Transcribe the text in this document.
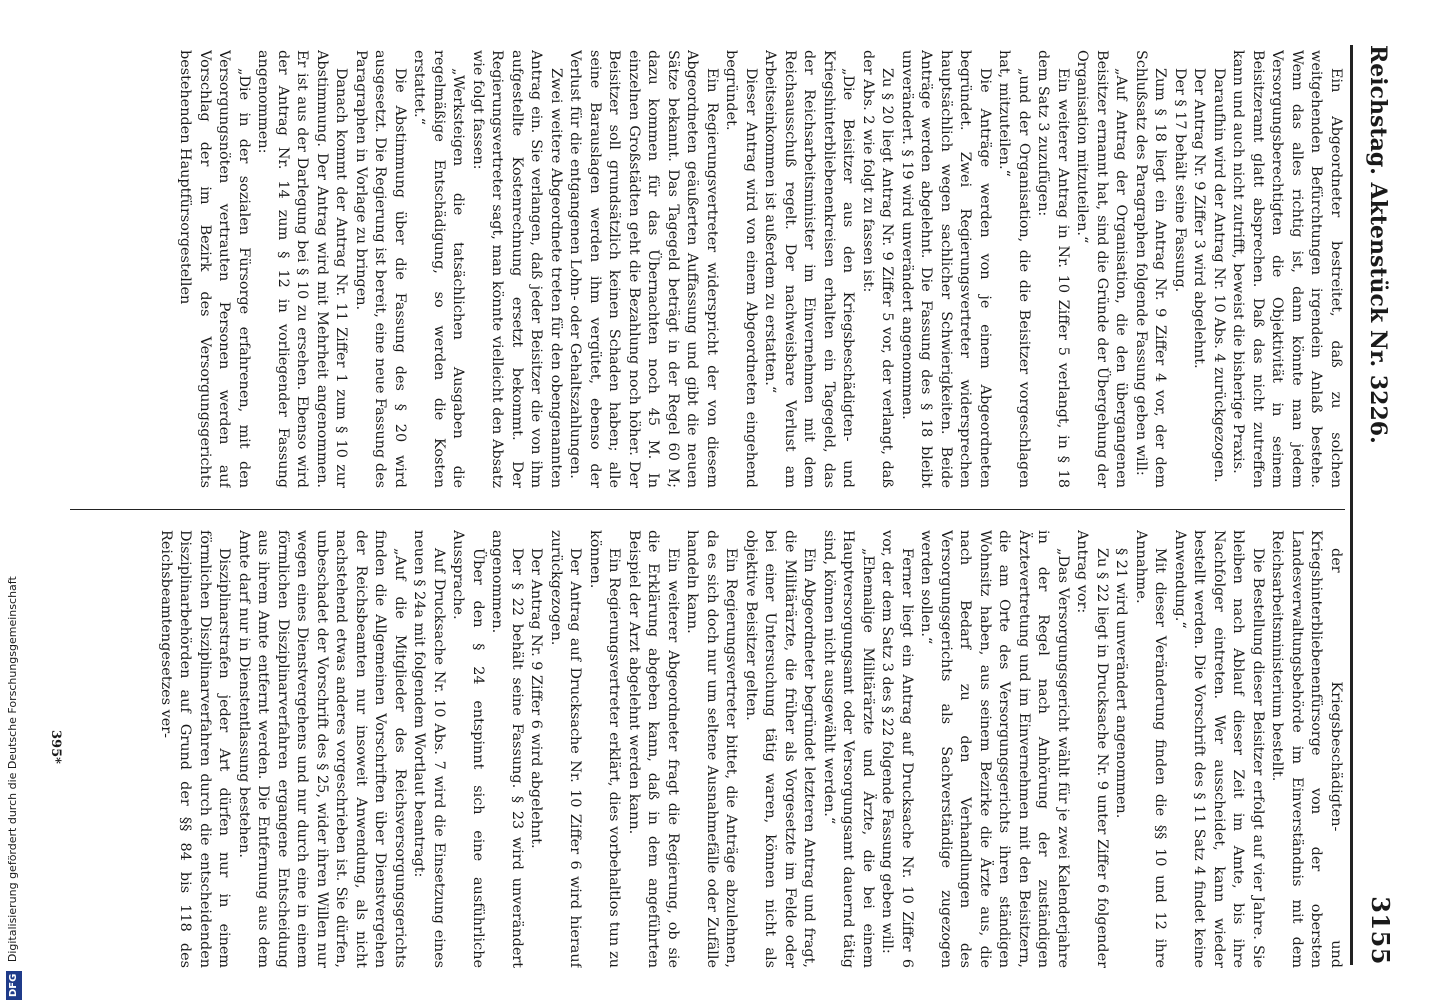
Reichstag. Aktenstück Nr. 3226.
3155

Ein Abgeordneter bestreitet, daß zu solchen weitgehenden Befürchtungen irgendein Anlaß bestehe. Wenn das alles richtig ist, dann könnte man jedem Versorgungsberechtigten die Objektivität in seinem Beisitzeramt glatt absprechen. Daß das nicht zutreffen kann und auch nicht zutrifft, beweist die bisherige Praxis.

Daraufhin wird der Antrag Nr. 10 Abs. 4 zurückgezogen.

Der Antrag Nr. 9 Ziffer 3 wird abgelehnt.

Der § 17 behält seine Fassung.

Zum § 18 liegt ein Antrag Nr. 9 Ziffer 4 vor, der dem Schlußsatz des Paragraphen folgende Fassung geben will:

„Auf Antrag der Organisation, die den übergangenen Beisitzer ernannt hat, sind die Gründe der Übergehung der Organisation mitzuteilen.“

Ein weiterer Antrag in Nr. 10 Ziffer 5 verlangt, in § 18 dem Satz 3 zuzufügen:

„und der Organisation, die die Beisitzer vorgeschlagen hat, mitzuteilen.“

Die Anträge werden von je einem Abgeordneten begründet. Zwei Regierungsvertreter widersprechen hauptsächlich wegen sachlicher Schwierigkeiten. Beide Anträge werden abgelehnt. Die Fassung des § 18 bleibt unverändert. § 19 wird unverändert angenommen.

Zu § 20 liegt Antrag Nr. 9 Ziffer 5 vor, der verlangt, daß der Abs. 2 wie folgt zu fassen ist:

„Die Beisitzer aus den Kriegsbeschädigten- und Kriegshinterbliebenenkreisen erhalten ein Tagegeld, das der Reichsarbeitsminister im Einvernehmen mit dem Reichsausschuß regelt. Der nachweisbare Verlust am Arbeitseinkommen ist außerdem zu erstatten.“

Dieser Antrag wird von einem Abgeordneten eingehend begründet.

Ein Regierungsvertreter widerspricht der von diesem Abgeordneten geäußerten Auffassung und gibt die neuen Sätze bekannt. Das Tagegeld beträgt in der Regel 60 M; dazu kommen für das Übernachten noch 45 M. In einzelnen Großstädten geht die Bezahlung noch höher. Der Beisitzer soll grundsätzlich keinen Schaden haben; alle seine Barauslagen werden ihm vergütet, ebenso der Verlust für die entgangenen Lohn- oder Gehaltszahlungen.

Zwei weitere Abgeordnete treten für den obengenannten Antrag ein. Sie verlangen, daß jeder Beisitzer die von ihm aufgestellte Kostenrechnung ersetzt bekommt. Der Regierungsvertreter sagt, man könnte vielleicht den Absatz wie folgt fassen:

„Werksteigen die tatsächlichen Ausgaben die regelmäßige Entschädigung, so werden die Kosten erstattet.“

Die Abstimmung über die Fassung des § 20 wird ausgesetzt. Die Regierung ist bereit, eine neue Fassung des Paragraphen in Vorlage zu bringen.

Danach kommt der Antrag Nr. 11 Ziffer 1 zum § 10 zur Abstimmung. Der Antrag wird mit Mehrheit angenommen. Er ist aus der Darlegung bei § 10 zu ersehen. Ebenso wird der Antrag Nr. 14 zum § 12 in vorliegender Fassung angenommen:

„Die in der sozialen Fürsorge erfahrenen, mit den Versorgungsnöten vertrauten Personen werden auf Vorschlag der im Bezirk des Versorgungsgerichts bestehenden Hauptfürsorgestellen

der Kriegsbeschädigten- und Kriegshinterbliebenenfürsorge von der obersten Landesverwaltungsbehörde im Einverständnis mit dem Reichsarbeitsministerium bestellt.

Die Bestellung dieser Beisitzer erfolgt auf vier Jahre. Sie bleiben nach Ablauf dieser Zeit im Amte, bis ihre Nachfolger eintreten. Wer ausscheidet, kann wieder bestellt werden. Die Vorschrift des § 11 Satz 4 findet keine Anwendung.“

Mit dieser Veränderung finden die §§ 10 und 12 ihre Annahme.

§ 21 wird unverändert angenommen.

Zu § 22 liegt in Drucksache Nr. 9 unter Ziffer 6 folgender Antrag vor:

„Das Versorgungsgericht wählt für je zwei Kalenderjahre in der Regel nach Anhörung der zuständigen Ärztevertretung und im Einvernehmen mit den Beisitzern, die am Orte des Versorgungsgerichts ihren ständigen Wohnsitz haben, aus seinem Bezirke die Ärzte aus, die nach Bedarf zu den Verhandlungen des Versorgungsgerichts als Sachverständige zugezogen werden sollen.“

Ferner liegt ein Antrag auf Drucksache Nr. 10 Ziffer 6 vor, der dem Satz 3 des § 22 folgende Fassung geben will:

„Ehemalige Militärärzte und Ärzte, die bei einem Hauptversorgungsamt oder Versorgungsamt dauernd tätig sind, können nicht ausgewählt werden.“

Ein Abgeordneter begründet letzteren Antrag und fragt, die Militärärzte, die früher als Vorgesetzte im Felde oder bei einer Untersuchung tätig waren, können nicht als objektive Beisitzer gelten.

Ein Regierungsvertreter bittet, die Anträge abzulehnen, da es sich doch nur um seltene Ausnahmefälle oder Zufälle handeln kann.

Ein weiterer Abgeordneter fragt die Regierung, ob sie die Erklärung abgeben kann, daß in dem angeführten Beispiel der Arzt abgelehnt werden kann.

Ein Regierungsvertreter erklärt, dies vorbehaltlos tun zu können.

Der Antrag auf Drucksache Nr. 10 Ziffer 6 wird hierauf zurückgezogen.

Der Antrag Nr. 9 Ziffer 6 wird abgelehnt.

Der § 22 behält seine Fassung. § 23 wird unverändert angenommen.

Über den § 24 entspinnt sich eine ausführliche Aussprache.

Auf Drucksache Nr. 10 Abs. 7 wird die Einsetzung eines neuen § 24a mit folgendem Wortlaut beantragt:

„Auf die Mitglieder des Reichsversorgungsgerichts finden die Allgemeinen Vorschriften über Dienstvergehen der Reichsbeamten nur insoweit Anwendung, als nicht nachstehend etwas anderes vorgeschrieben ist. Sie dürfen, unbeschadet der Vorschrift des § 25, wider ihren Willen nur wegen eines Dienstvergehens und nur durch eine in einem förmlichen Disziplinarverfahren ergangene Entscheidung aus ihrem Amte entfernt werden. Die Entfernung aus dem Amte darf nur in Dienstentlassung bestehen.

Disziplinarstrafen jeder Art dürfen nur in einem förmlichen Disziplinarverfahren durch die entscheidenden Disziplinarbehörden auf Grund der §§ 84 bis 118 des Reichsbeamtengesetzes ver-

395*
DFG Digitalisierung gefördert durch die Deutsche Forschungsgemeinschaft
